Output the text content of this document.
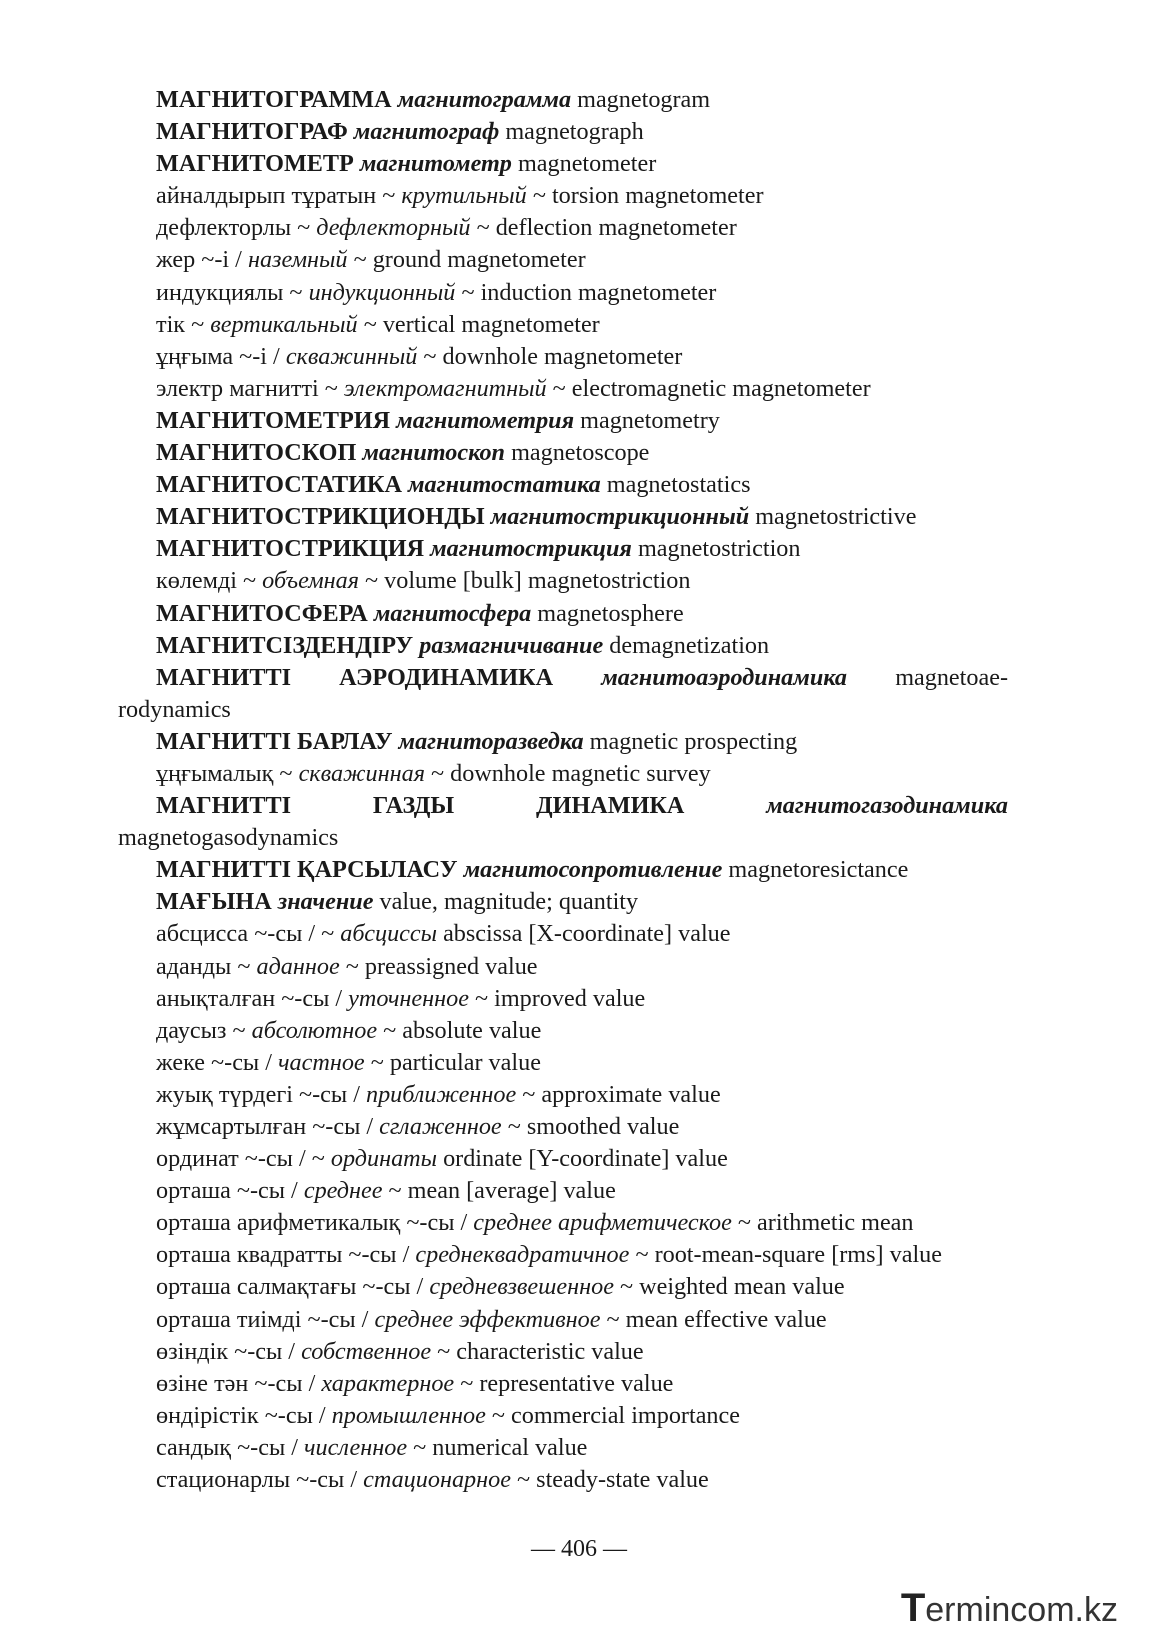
МАГНИТОГРАММА магнитограмма magnetogram
МАГНИТОГРАФ магнитограф magnetograph
МАГНИТОМЕТР магнитометр magnetometer
айналдырып тұратын ~ крутильный ~ torsion magnetometer
дефлекторлы ~ дефлекторный ~ deflection magnetometer
жер ~-і / наземный ~ ground magnetometer
индукциялы ~ индукционный ~ induction magnetometer
тік ~ вертикальный ~ vertical magnetometer
ұңғыма ~-і / скважинный ~ downhole magnetometer
электр магнитті ~ электромагнитный ~ electromagnetic magnetometer
МАГНИТОМЕТРИЯ магнитометрия magnetometry
МАГНИТОСКОП магнитоскоп magnetoscope
МАГНИТОСТАТИКА магнитостатика magnetostatics
МАГНИТОСТРИКЦИОНДЫ магнитострикционный magnetostrictive
МАГНИТОСТРИКЦИЯ магнитострикция magnetostriction
көлемді ~ объемная ~ volume [bulk] magnetostriction
МАГНИТОСФЕРА магнитосфера magnetosphere
МАГНИТСІЗДЕНДІРУ размагничивание demagnetization
МАГНИТТІ АЭРОДИНАМИКА магнитоаэродинамика magnetoae-
rodynamics
МАГНИТТІ БАРЛАУ магниторазведка magnetic prospecting
ұңғымалық ~ скважинная ~ downhole magnetic survey
МАГНИТТІ	ГАЗДЫ	ДИНАМИКА	магнитогазодинамика
magnetogasodynamics
МАГНИТТІ ҚАРСЫЛАСУ магнитосопротивление magnetoresictance
МАҒЫНА значение value, magnitude; quantity
абсцисса ~-сы / ~ абсциссы abscissa [X-coordinate] value
аданды ~ аданное ~ preassigned value
анықталған ~-сы / уточненное ~ improved value
даусыз ~ абсолютное ~ absolute value
жеке ~-сы / частное ~ particular value
жуық түрдегі ~-сы / приближенное ~ approximate value
жұмсартылған ~-сы / сглаженное ~ smoothed value
ординат ~-сы / ~ ординаты ordinate [Y-coordinate] value
орташа ~-сы / среднее ~ mean [average] value
орташа арифметикалық ~-сы / среднее арифметическое ~ arithmetic mean
орташа квадратты ~-сы / среднеквадратичное ~ root-mean-square [rms] value
орташа салмақтағы ~-сы / средневзвешенное ~ weighted mean value
орташа тиімді ~-сы / среднее эффективное ~ mean effective value
өзіндік ~-сы / собственное ~ characteristic value
өзіне тән ~-сы / характерное ~ representative value
өндірістік ~-сы / промышленное ~ commercial importance
сандық ~-сы / численное ~ numerical value
стационарлы ~-сы / стационарное ~ steady-state value
— 406 —
T erminc o m.kz
